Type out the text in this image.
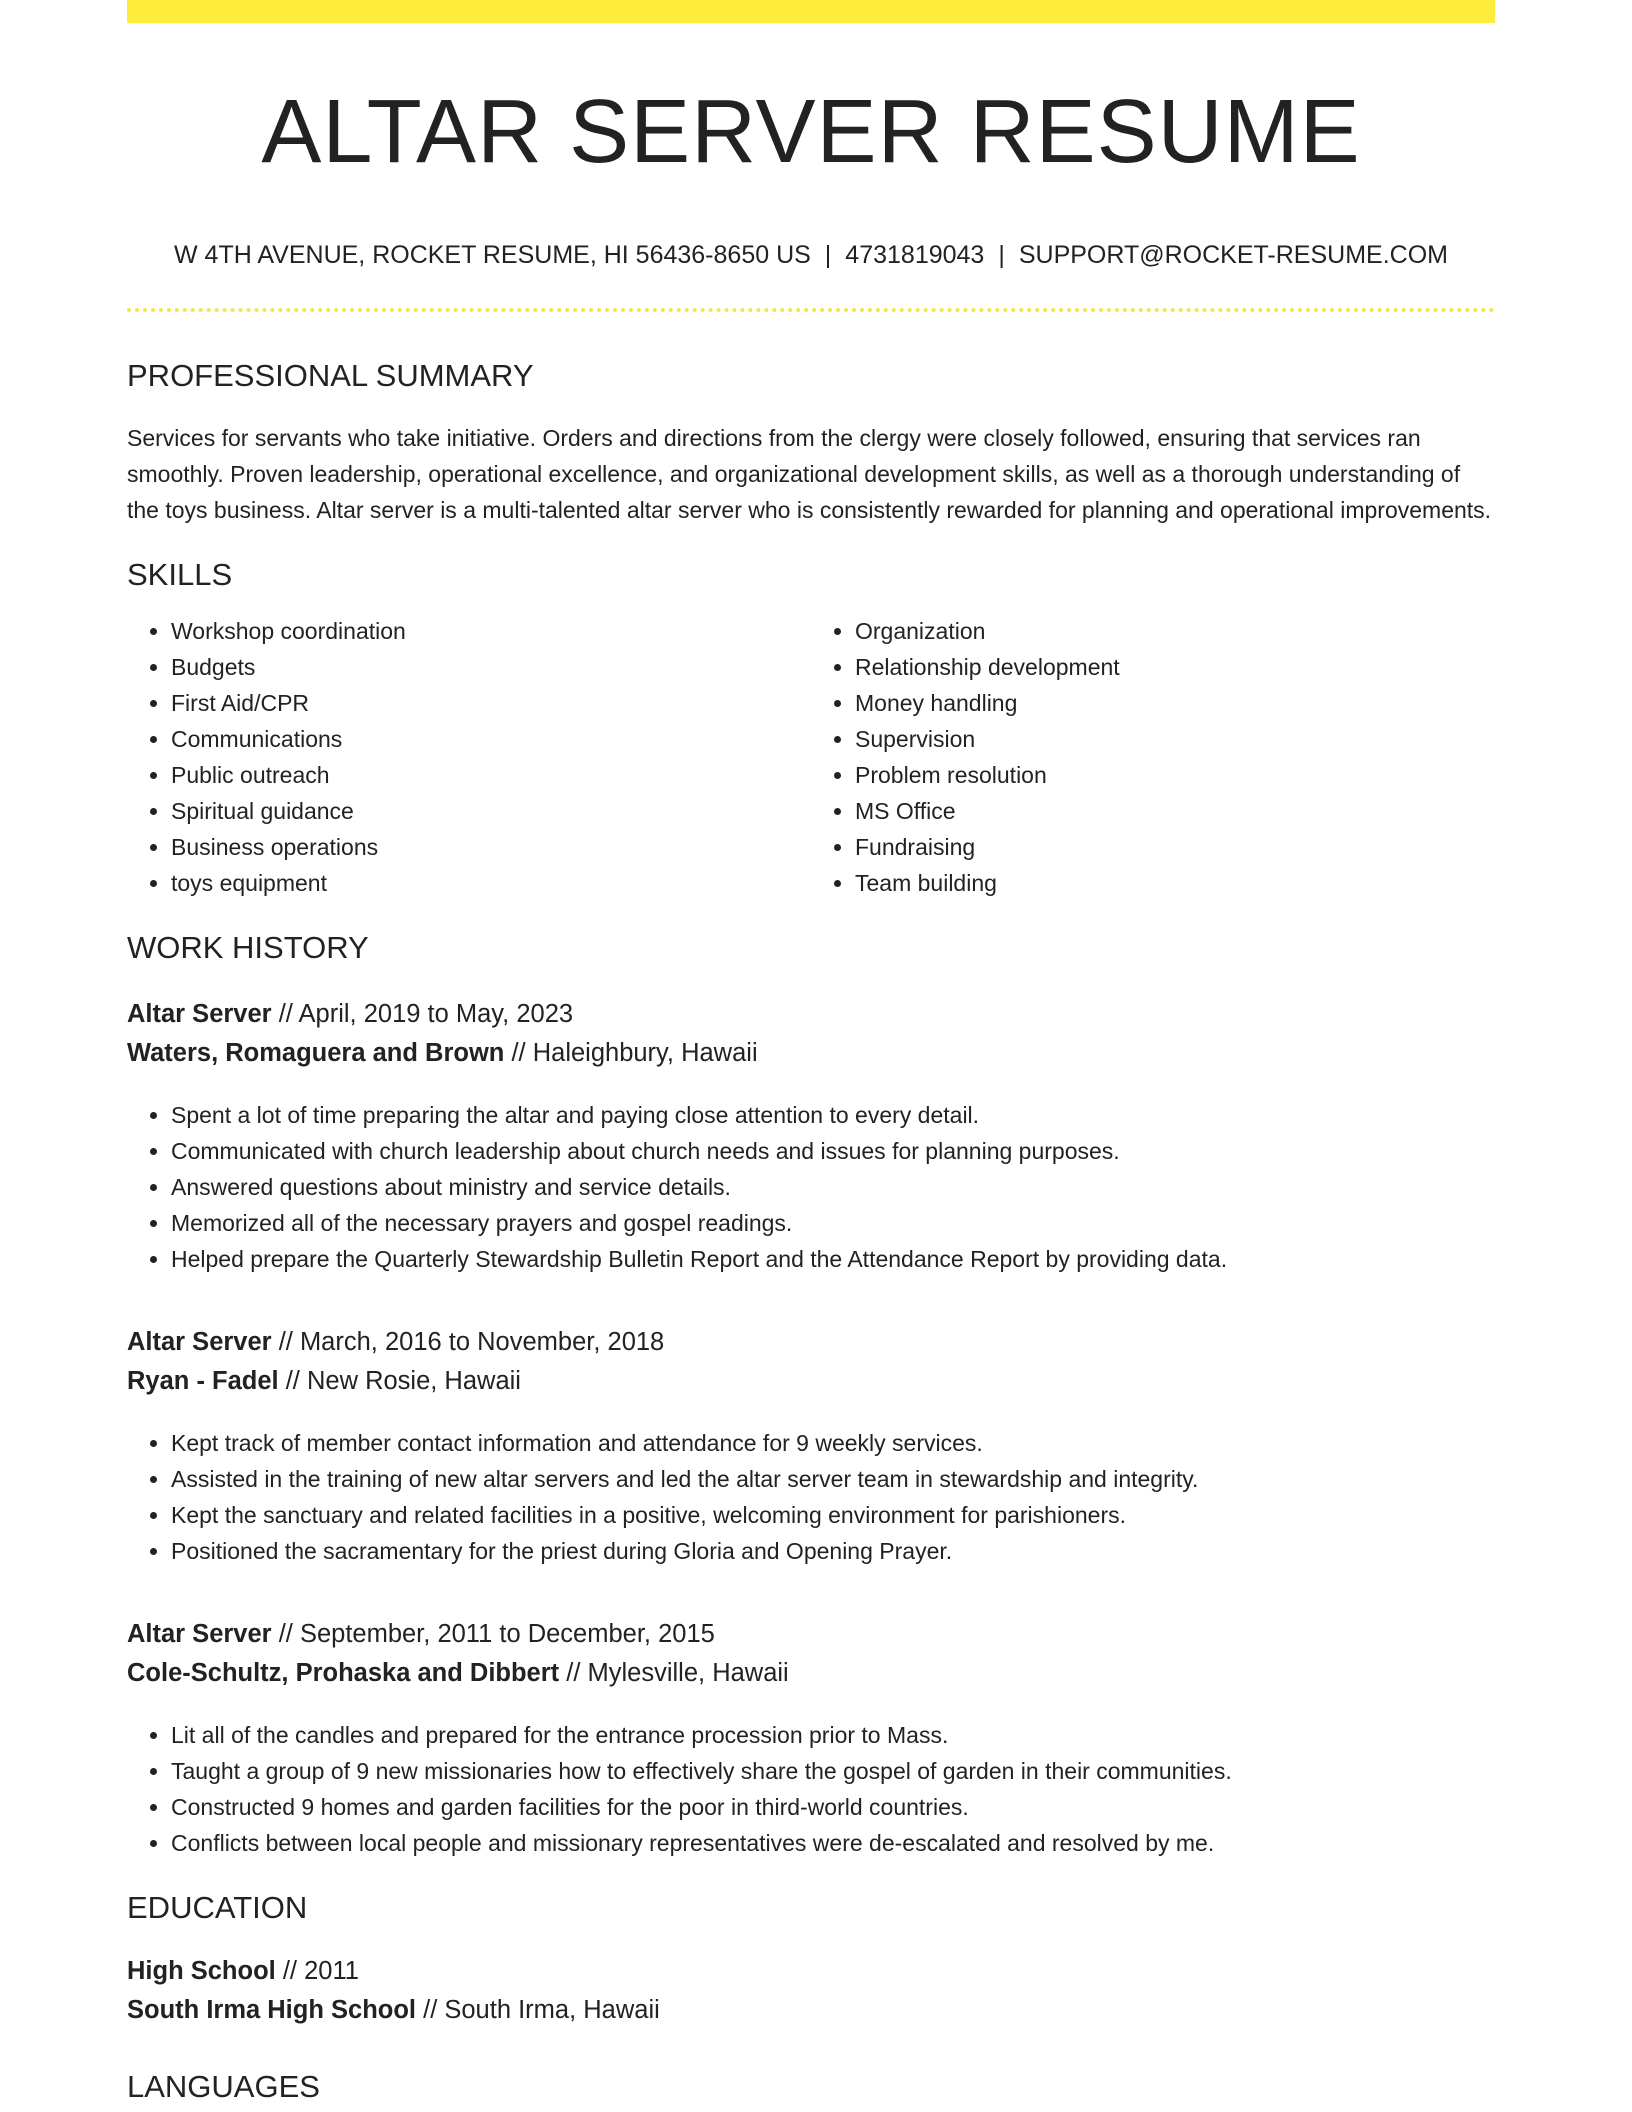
ALTAR SERVER RESUME
W 4TH AVENUE, ROCKET RESUME, HI 56436-8650 US | 4731819043 | SUPPORT@ROCKET-RESUME.COM
PROFESSIONAL SUMMARY

Services for servants who take initiative. Orders and directions from the clergy were closely followed, ensuring that services ran smoothly. Proven leadership, operational excellence, and organizational development skills, as well as a thorough understanding of the toys business. Altar server is a multi-talented altar server who is consistently rewarded for planning and operational improvements.

SKILLS
• Workshop coordination
• Budgets
• First Aid/CPR
• Communications
• Public outreach
• Spiritual guidance
• Business operations
• toys equipment
• Organization
• Relationship development
• Money handling
• Supervision
• Problem resolution
• MS Office
• Fundraising
• Team building
WORK HISTORY
Altar Server // April, 2019 to May, 2023
Waters, Romaguera and Brown // Haleighbury, Hawaii
• Spent a lot of time preparing the altar and paying close attention to every detail.
• Communicated with church leadership about church needs and issues for planning purposes.
• Answered questions about ministry and service details.
• Memorized all of the necessary prayers and gospel readings.
• Helped prepare the Quarterly Stewardship Bulletin Report and the Attendance Report by providing data.
Altar Server // March, 2016 to November, 2018
Ryan - Fadel // New Rosie, Hawaii
• Kept track of member contact information and attendance for 9 weekly services.
• Assisted in the training of new altar servers and led the altar server team in stewardship and integrity.
• Kept the sanctuary and related facilities in a positive, welcoming environment for parishioners.
• Positioned the sacramentary for the priest during Gloria and Opening Prayer.
Altar Server // September, 2011 to December, 2015
Cole-Schultz, Prohaska and Dibbert // Mylesville, Hawaii
• Lit all of the candles and prepared for the entrance procession prior to Mass.
• Taught a group of 9 new missionaries how to effectively share the gospel of garden in their communities.
• Constructed 9 homes and garden facilities for the poor in third-world countries.
• Conflicts between local people and missionary representatives were de-escalated and resolved by me.
EDUCATION
High School // 2011
South Irma High School // South Irma, Hawaii
LANGUAGES
